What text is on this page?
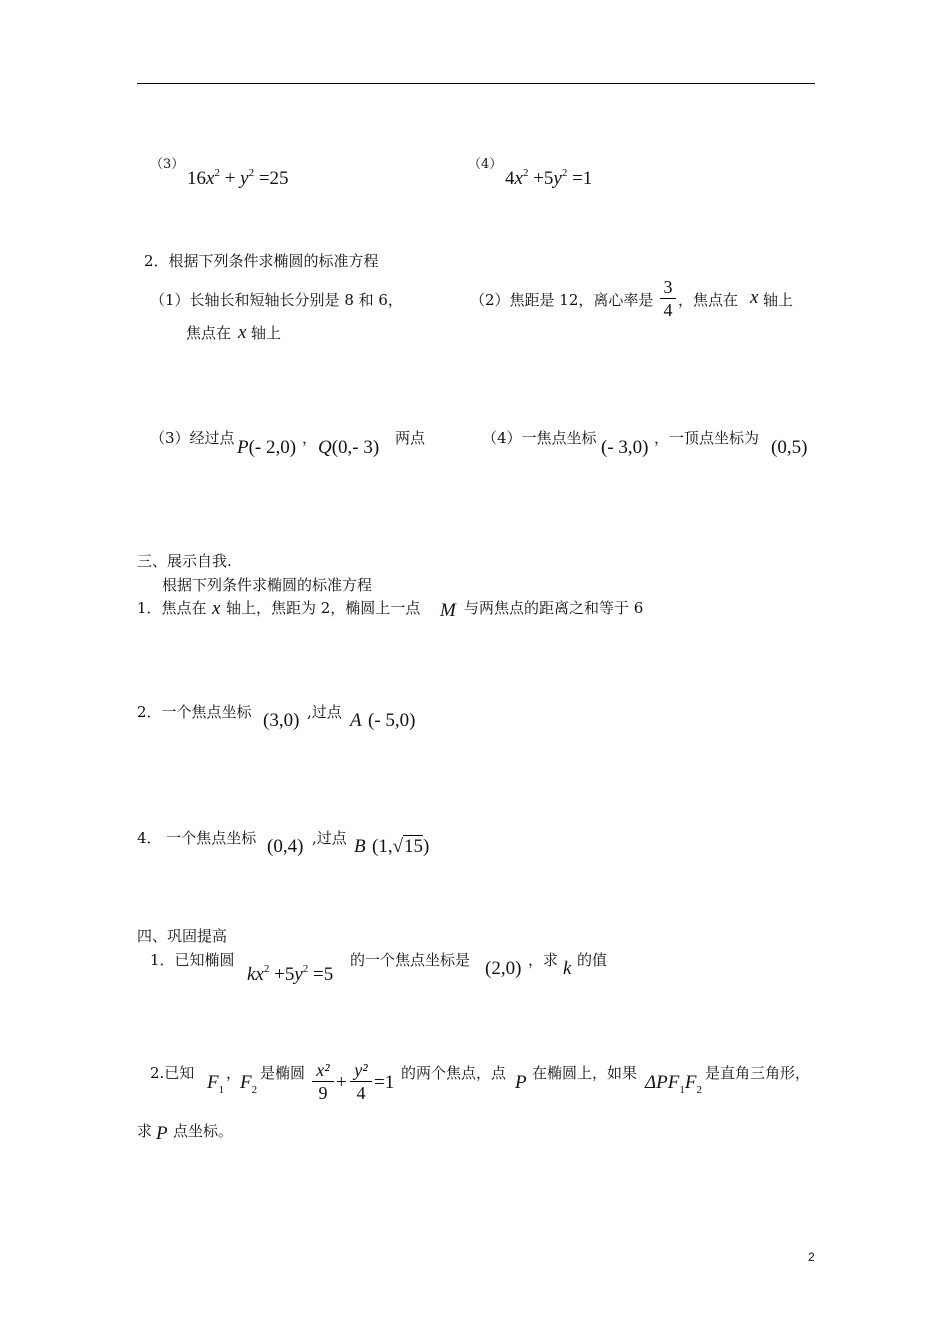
（3）
$16x^2 + y^2 =25$
（4）
$4x^2 +5y^2 =1$
2．根据下列条件求椭圆的标准方程
（1）长轴长和短轴长分别是 8 和 6，
焦点在 x 轴上
（2）焦距是 12，离心率是
3
4 ，焦点在 x 轴上
（3）经过点 P(- 2,0) ， Q(0,- 3) 两点	（4）一焦点坐标 (- 3,0) ，一顶点坐标为 (0,5)
三、展示自我.
根据下列条件求椭圆的标准方程
1．焦点在 x 轴上，焦距为 2，椭圆上一点 M 与两焦点的距离之和等于 6
2．一个焦点坐标 (3,0) ,过点 A (- 5,0)
4． 一个焦点坐标 (0,4) ,过点 B (1,√15)
四、巩固提高
1．已知椭圆
$kx^2 +5y^2 =5$
的一个焦点坐标是 (2,0) ，求 k 的值
2.已知 $F_1$
，
$F_2$
是椭圆 x²
9 +
y²
4 =1 的两个焦点，点 P 在椭圆上，如果 $\Delta PF_1F_2$
是直角三角形，
求 P 点坐标。
2
